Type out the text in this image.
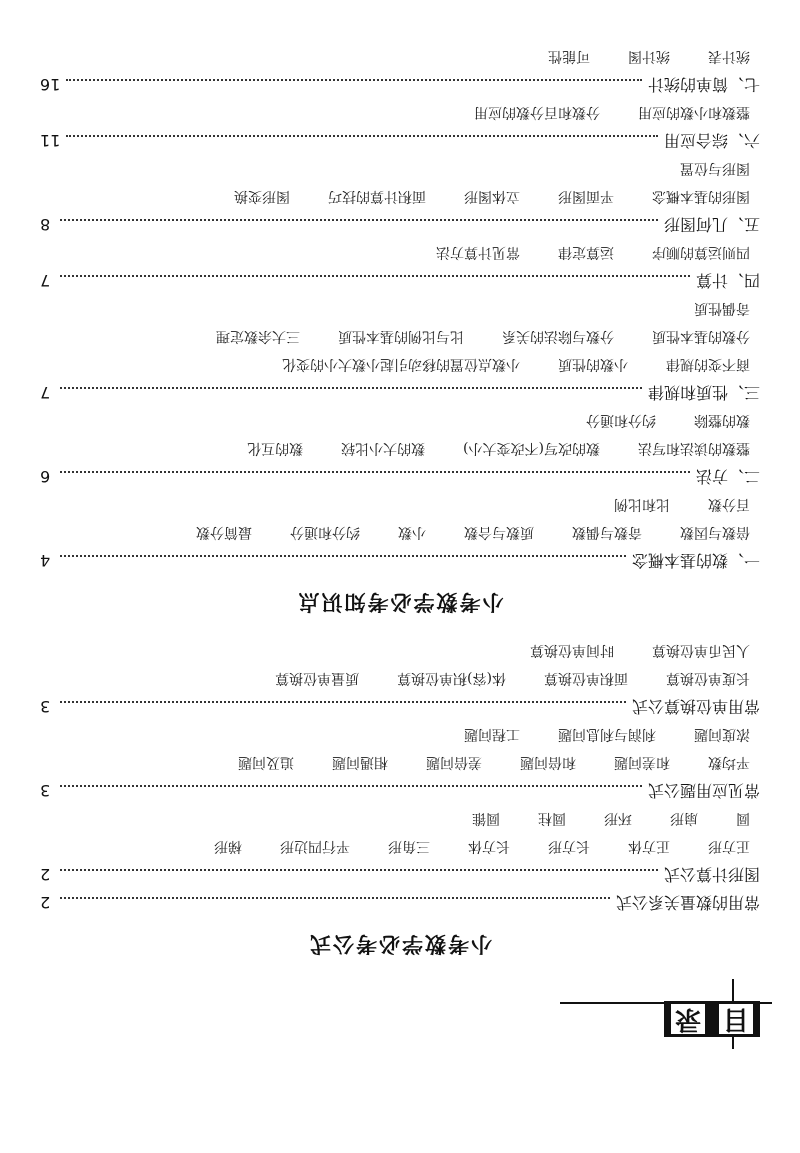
目
录
小考数学必考公式
常用的数量关系公式
2
图形计算公式
2
正方形正方体长方形长方体三角形平行四边形梯形
圆扇形环形圆柱圆锥
常见应用题公式
3
平均数和差问题和倍问题差倍问题相遇问题追及问题
浓度问题利润与利息问题工程问题
常用单位换算公式
3
长度单位换算面积单位换算体(容)积单位换算质量单位换算
人民币单位换算时间单位换算
小考数学必考知识点
一、数的基本概念
4
倍数与因数奇数与偶数质数与合数小数约分和通分最简分数
百分数比和比例
二、方法
6
整数的读法和写法数的改写(不改变大小)数的大小比较数的互化
数的整除约分和通分
三、性质和规律
7
商不变的规律小数的性质小数点位置的移动引起小数大小的变化
分数的基本性质分数与除法的关系比与比例的基本性质三大余数定理
奇偶性质
四、计算
7
四则运算的顺序运算定律常见计算方法
五、几何图形
8
图形的基本概念平面图形立体图形面积计算的技巧图形变换
图形与位置
六、综合应用
11
整数和小数的应用分数和百分数的应用
七、简单的统计
16
统计表统计图可能性
